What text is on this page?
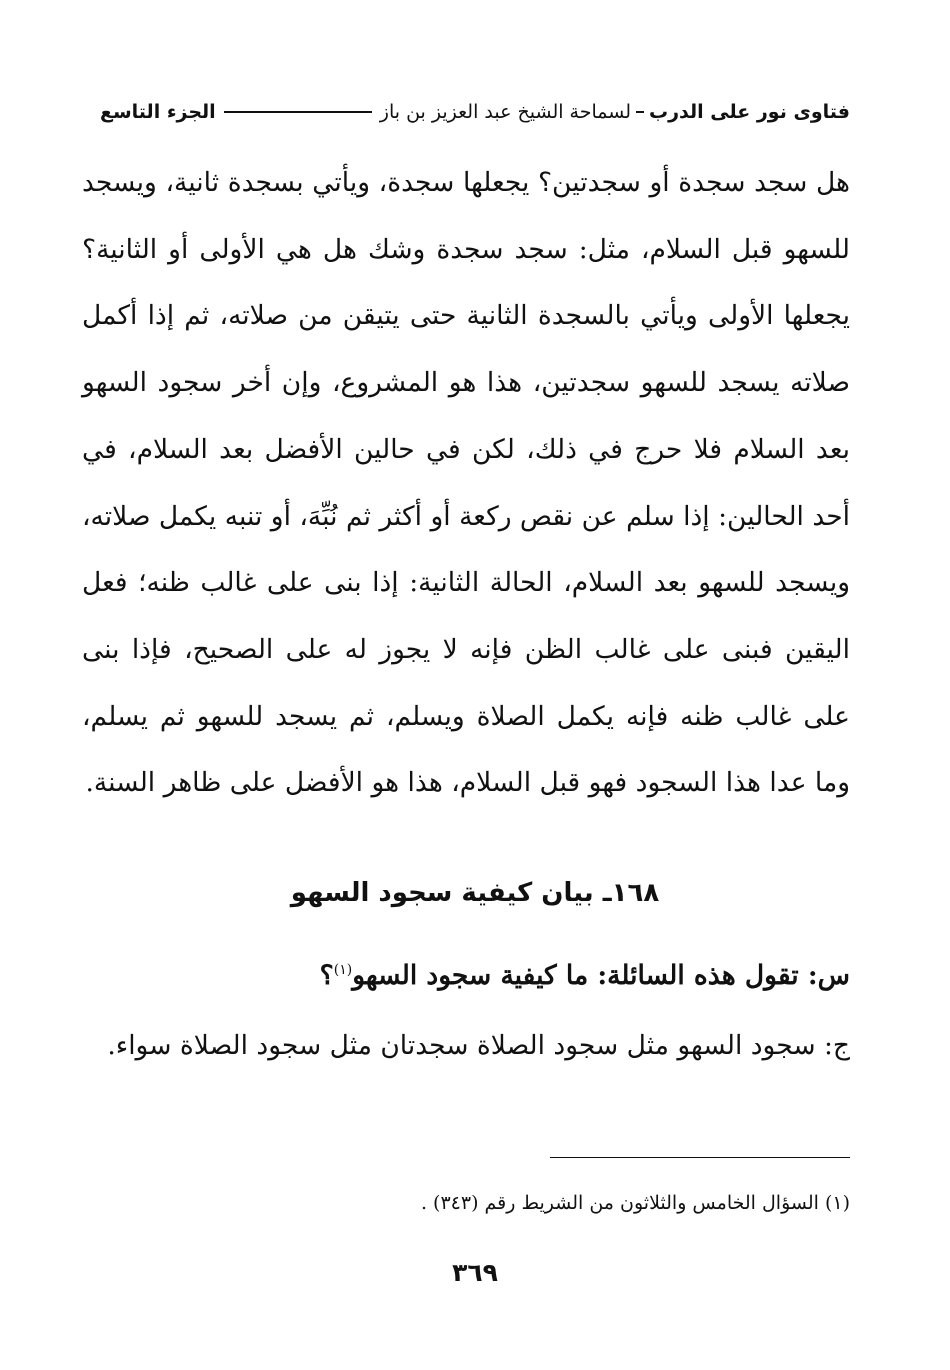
فتاوى نور على الدرب
لسماحة الشيخ عبد العزيز بن باز
الجزء التاسع

هل سجد سجدة أو سجدتين؟ يجعلها سجدة، ويأتي بسجدة ثانية، ويسجد للسهو قبل السلام، مثل: سجد سجدة وشك هل هي الأولى أو الثانية؟ يجعلها الأولى ويأتي بالسجدة الثانية حتى يتيقن من صلاته، ثم إذا أكمل صلاته يسجد للسهو سجدتين، هذا هو المشروع، وإن أخر سجود السهو بعد السلام فلا حرج في ذلك، لكن في حالين الأفضل بعد السلام، في أحد الحالين: إذا سلم عن نقص ركعة أو أكثر ثم نُبِّهَ، أو تنبه يكمل صلاته، ويسجد للسهو بعد السلام، الحالة الثانية: إذا بنى على غالب ظنه؛ فعل اليقين فبنى على غالب الظن فإنه لا يجوز له على الصحيح، فإذا بنى على غالب ظنه فإنه يكمل الصلاة ويسلم، ثم يسجد للسهو ثم يسلم، وما عدا هذا السجود فهو قبل السلام، هذا هو الأفضل على ظاهر السنة.

١٦٨ـ بيان كيفية سجود السهو
س: تقول هذه السائلة: ما كيفية سجود السهو$^{(١)}$؟

ج: سجود السهو مثل سجود الصلاة سجدتان مثل سجود الصلاة سواء.

(١) السؤال الخامس والثلاثون من الشريط رقم (٣٤٣) .
٣٦٩
